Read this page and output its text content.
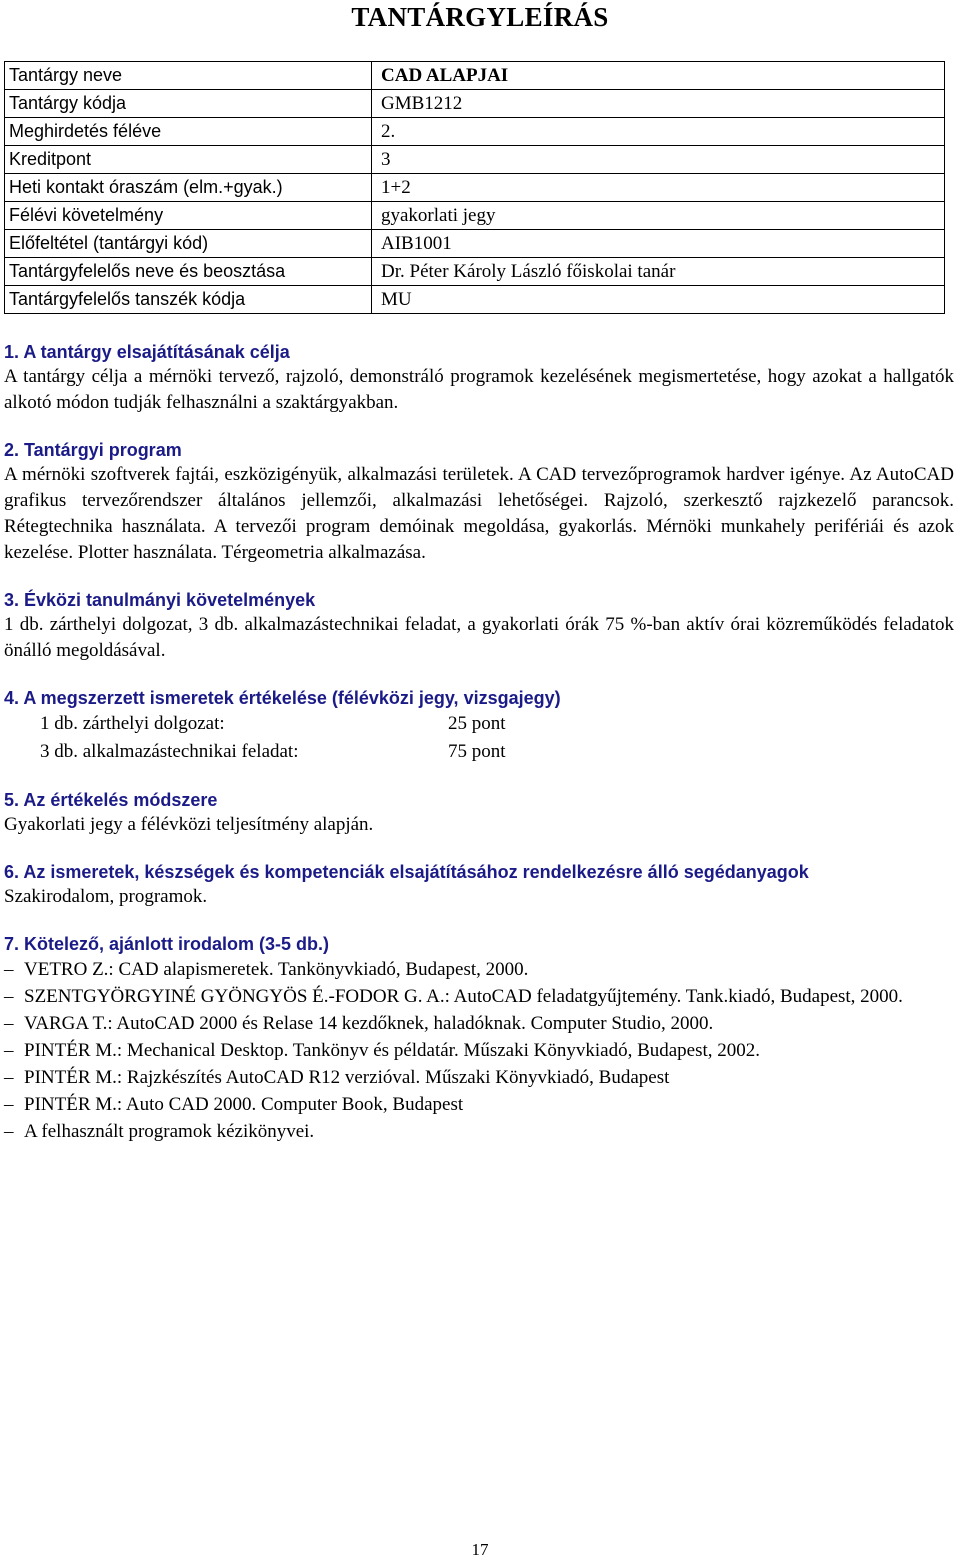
TANTÁRGYLEÍRÁS
Tantárgy neve	CAD ALAPJAI
Tantárgy kódja	GMB1212
Meghirdetés féléve	2.
Kreditpont	3
Heti kontakt óraszám (elm.+gyak.)	1+2
Félévi követelmény	gyakorlati jegy
Előfeltétel (tantárgyi kód)	AIB1001
Tantárgyfelelős neve és beosztása	Dr. Péter Károly László főiskolai tanár
Tantárgyfelelős tanszék kódja	MU
1. A tantárgy elsajátításának célja
A tantárgy célja a mérnöki tervező, rajzoló, demonstráló programok kezelésének megismertetése, hogy azokat a hallgatók alkotó módon tudják felhasználni a szaktárgyakban.
2. Tantárgyi program
A mérnöki szoftverek fajtái, eszközigényük, alkalmazási területek. A CAD tervezőprogramok hardver igénye. Az AutoCAD grafikus tervezőrendszer általános jellemzői, alkalmazási lehetőségei. Rajzoló, szerkesztő rajzkezelő parancsok. Rétegtechnika használata. A tervezői program demóinak megoldása, gyakorlás. Mérnöki munkahely perifériái és azok kezelése. Plotter használata. Térgeometria alkalmazása.
3. Évközi tanulmányi követelmények
1 db. zárthelyi dolgozat, 3 db. alkalmazástechnikai feladat, a gyakorlati órák 75 %-ban aktív órai közreműködés feladatok önálló megoldásával.
4. A megszerzett ismeretek értékelése (félévközi jegy, vizsgajegy)
1 db. zárthelyi dolgozat:	25 pont
3 db. alkalmazástechnikai feladat:	75 pont
5. Az értékelés módszere
Gyakorlati jegy a félévközi teljesítmény alapján.
6. Az ismeretek, készségek és kompetenciák elsajátításához rendelkezésre álló segédanyagok
Szakirodalom, programok.
7. Kötelező, ajánlott irodalom (3-5 db.)
– VETRO Z.: CAD alapismeretek. Tankönyvkiadó, Budapest, 2000.
– SZENTGYÖRGYINÉ GYÖNGYÖS É.-FODOR G. A.: AutoCAD feladatgyűjtemény. Tank.kiadó, Budapest, 2000.
– VARGA T.: AutoCAD 2000 és Relase 14 kezdőknek, haladóknak. Computer Studio, 2000.
– PINTÉR M.: Mechanical Desktop. Tankönyv és példatár. Műszaki Könyvkiadó, Budapest, 2002.
– PINTÉR M.: Rajzkészítés AutoCAD R12 verzióval. Műszaki Könyvkiadó, Budapest
– PINTÉR M.: Auto CAD 2000. Computer Book, Budapest
– A felhasznált programok kézikönyvei.
17
